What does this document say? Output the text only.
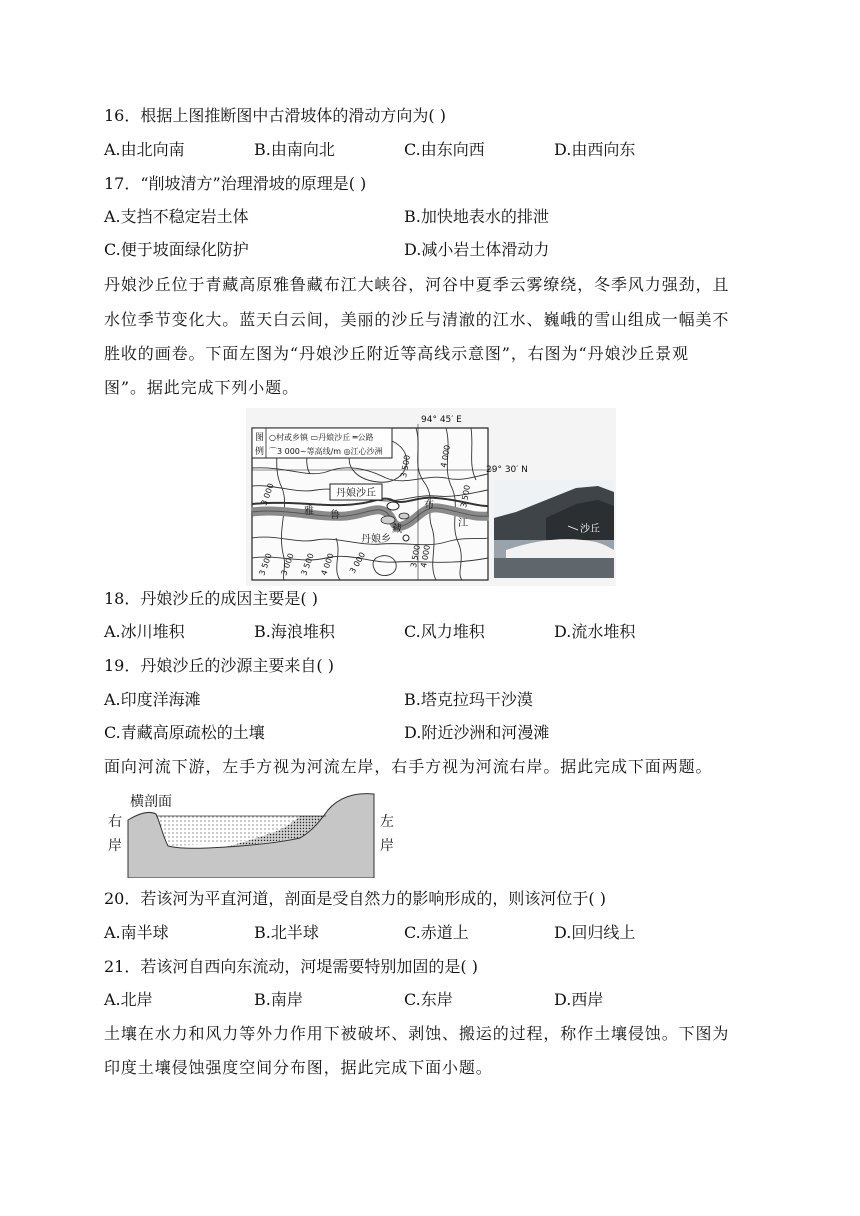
16．根据上图推断图中古滑坡体的滑动方向为( )
A.由北向南	B.由南向北	C.由东向西	D.由西向东
17．“削坡清方”治理滑坡的原理是( )
A.支挡不稳定岩土体	B.加快地表水的排泄
C.便于坡面绿化防护	D.减小岩土体滑动力
丹娘沙丘位于青藏高原雅鲁藏布江大峡谷，河谷中夏季云雾缭绕，冬季风力强劲，且
水位季节变化大。蓝天白云间，美丽的沙丘与清澈的江水、巍峨的雪山组成一幅美不
胜收的画卷。下面左图为“丹娘沙丘附近等高线示意图”，右图为“丹娘沙丘景观
图”。据此完成下列小题。
丹娘沙丘
丹娘乡
雅 鲁
藏
布
江
3 000
3 500 3 000 3 500 4 000 3 000	3 500
4 000
3 500
3 500	4 000
94° 45′ E
29° 30′ N
图
例
○村或乡镇 ▭丹娘沙丘 ═公路
⌒3 000~等高线/m ◎江心沙洲
沙丘
18．丹娘沙丘的成因主要是( )
A.冰川堆积	B.海浪堆积	C.风力堆积	D.流水堆积
19．丹娘沙丘的沙源主要来自( )
A.印度洋海滩	B.塔克拉玛干沙漠
C.青藏高原疏松的土壤	D.附近沙洲和河漫滩
面向河流下游，左手方视为河流左岸，右手方视为河流右岸。据此完成下面两题。
横剖面
右
岸
左
岸
20．若该河为平直河道，剖面是受自然力的影响形成的，则该河位于( )
A.南半球	B.北半球	C.赤道上	D.回归线上
21．若该河自西向东流动，河堤需要特别加固的是( )
A.北岸	B.南岸	C.东岸	D.西岸
土壤在水力和风力等外力作用下被破坏、剥蚀、搬运的过程，称作土壤侵蚀。下图为
印度土壤侵蚀强度空间分布图，据此完成下面小题。
